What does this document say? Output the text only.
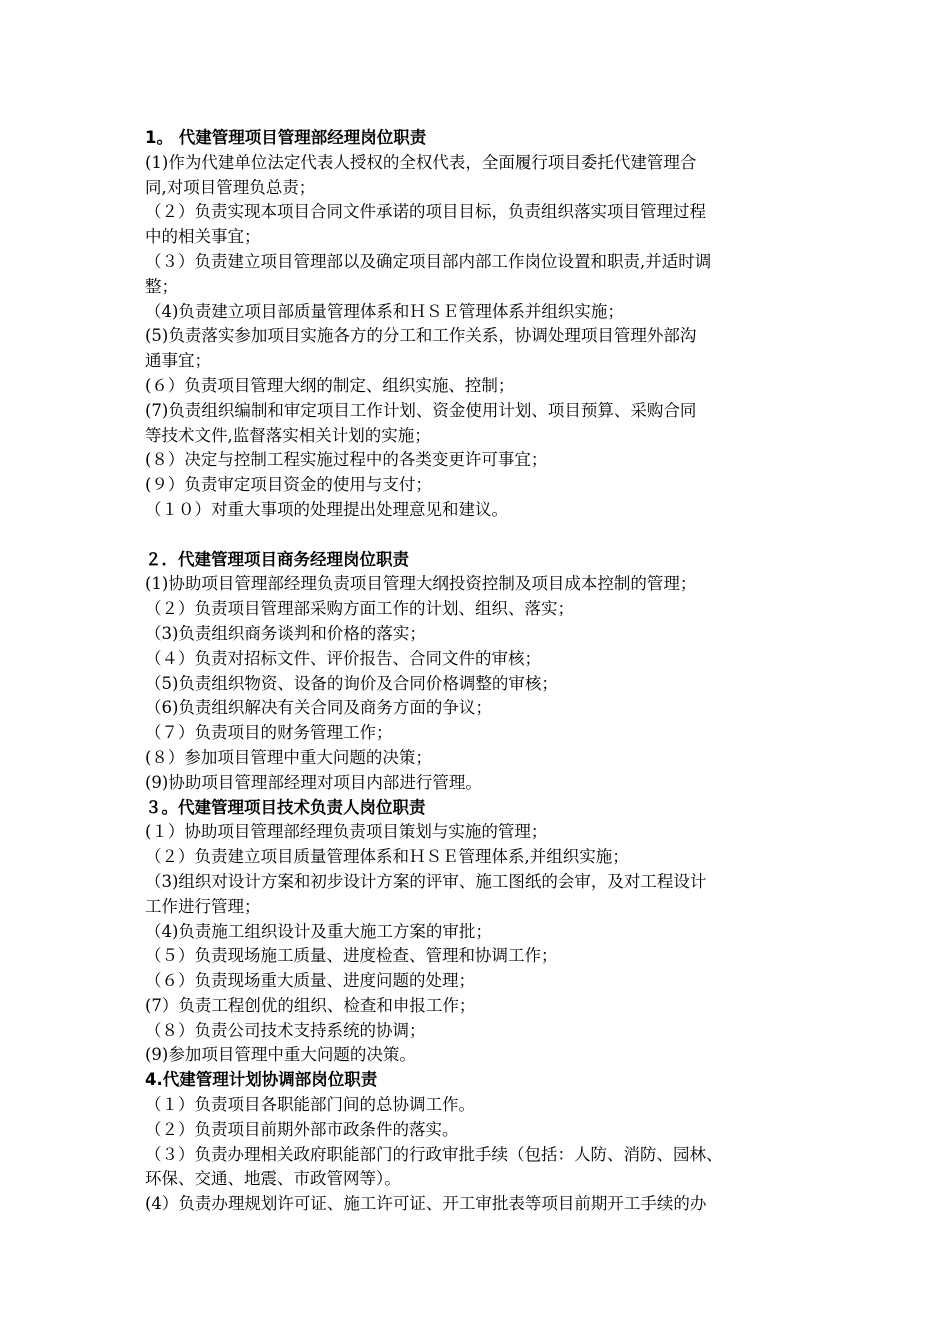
1。 代建管理项目管理部经理岗位职责
(1)作为代建单位法定代表人授权的全权代表，全面履行项目委托代建管理合
同,对项目管理负总责；
（２）负责实现本项目合同文件承诺的项目目标，负责组织落实项目管理过程
中的相关事宜；
（３）负责建立项目管理部以及确定项目部内部工作岗位设置和职责,并适时调
整；
（4)负责建立项目部质量管理体系和ＨＳＥ管理体系并组织实施；
(5)负责落实参加项目实施各方的分工和工作关系，协调处理项目管理外部沟
通事宜；
(６）负责项目管理大纲的制定、组织实施、控制；
(7)负责组织编制和审定项目工作计划、资金使用计划、项目预算、采购合同
等技术文件,监督落实相关计划的实施；
(８）决定与控制工程实施过程中的各类变更许可事宜；
(９）负责审定项目资金的使用与支付；
（１０）对重大事项的处理提出处理意见和建议。
２．代建管理项目商务经理岗位职责
(1)协助项目管理部经理负责项目管理大纲投资控制及项目成本控制的管理；
（２）负责项目管理部采购方面工作的计划、组织、落实；
（3)负责组织商务谈判和价格的落实；
（４）负责对招标文件、评价报告、合同文件的审核；
（5)负责组织物资、设备的询价及合同价格调整的审核；
（6)负责组织解决有关合同及商务方面的争议；
（７）负责项目的财务管理工作；
(８）参加项目管理中重大问题的决策；
(9)协助项目管理部经理对项目内部进行管理。
３。代建管理项目技术负责人岗位职责
(１）协助项目管理部经理负责项目策划与实施的管理；
（２）负责建立项目质量管理体系和ＨＳＥ管理体系,并组织实施；
（3)组织对设计方案和初步设计方案的评审、施工图纸的会审，及对工程设计
工作进行管理；
（4)负责施工组织设计及重大施工方案的审批；
（５）负责现场施工质量、进度检查、管理和协调工作；
（６）负责现场重大质量、进度问题的处理；
(7）负责工程创优的组织、检查和申报工作；
（８）负责公司技术支持系统的协调；
(9)参加项目管理中重大问题的决策。
4.代建管理计划协调部岗位职责
（１）负责项目各职能部门间的总协调工作。
（２）负责项目前期外部市政条件的落实。
（３）负责办理相关政府职能部门的行政审批手续（包括：人防、消防、园林、
环保、交通、地震、市政管网等）。
(4）负责办理规划许可证、施工许可证、开工审批表等项目前期开工手续的办
